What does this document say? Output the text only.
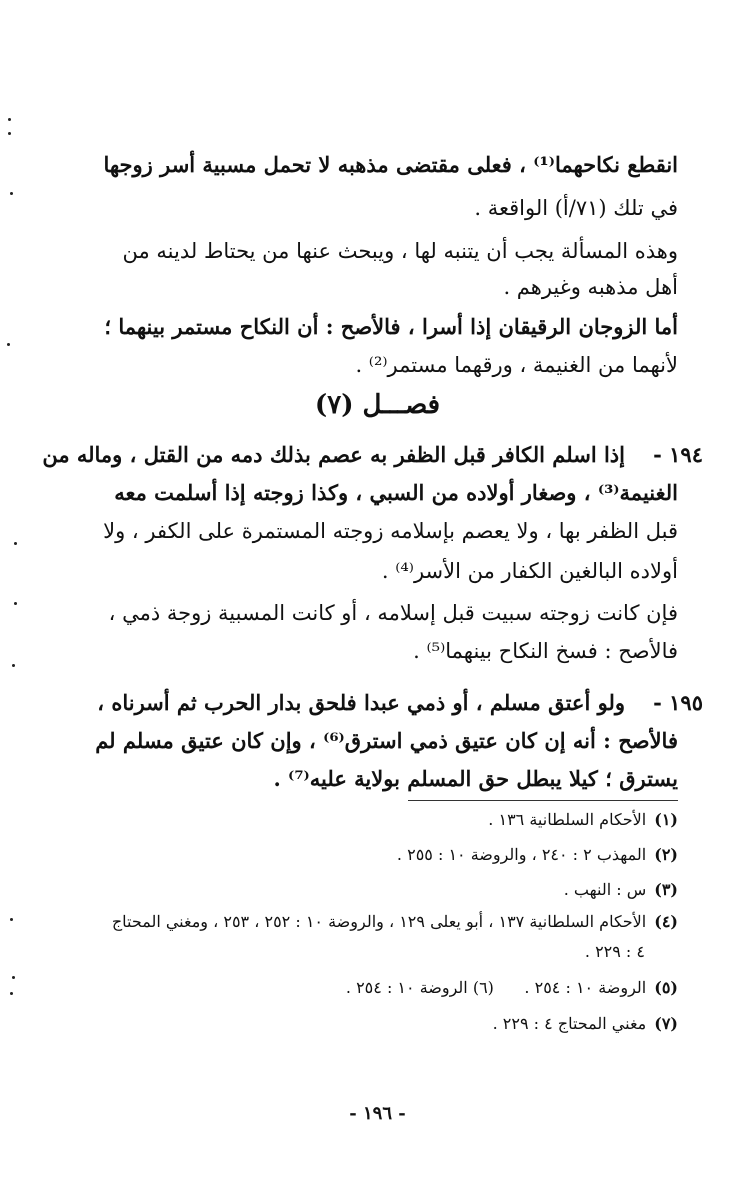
انقطع نكاحهما⁽¹⁾ ، فعلى مقتضى مذهبه لا تحمل مسبية أسر زوجها
في تلك (٧١/أ) الواقعة .
وهذه المسألة يجب أن يتنبه لها ، ويبحث عنها من يحتاط لدينه من
أهل مذهبه وغيرهم .
أما الزوجان الرقيقان إذا أسرا ، فالأصح : أن النكاح مستمر بينهما ؛
لأنهما من الغنيمة ، ورقهما مستمر⁽²⁾ .
فصـــل (٧)
١٩٤ -
إذا اسلم الكافر قبل الظفر به عصم بذلك دمه من القتل ، وماله من
الغنيمة⁽³⁾ ، وصغار أولاده من السبي ، وكذا زوجته إذا أسلمت معه
قبل الظفر بها ، ولا يعصم بإسلامه زوجته المستمرة على الكفر ، ولا
أولاده البالغين الكفار من الأسر⁽⁴⁾ .
فإن كانت زوجته سبيت قبل إسلامه ، أو كانت المسبية زوجة ذمي ،
فالأصح : فسخ النكاح بينهما⁽⁵⁾ .
١٩٥ -
ولو أعتق مسلم ، أو ذمي عبدا فلحق بدار الحرب ثم أسرناه ،
فالأصح : أنه إن كان عتيق ذمي استرق⁽⁶⁾ ، وإن كان عتيق مسلم لم
يسترق ؛ كيلا يبطل حق المسلم بولاية عليه⁽⁷⁾ .
(١)الأحكام السلطانية ١٣٦ .
(٢)المهذب ٢ : ٢٤٠ ، والروضة ١٠ : ٢٥٥ .
(٣)س : النهب .
(٤)الأحكام السلطانية ١٣٧ ، أبو يعلى ١٢٩ ، والروضة ١٠ : ٢٥٢ ، ٢٥٣ ، ومغني المحتاج
٤ : ٢٢٩ .
(٥)الروضة ١٠ : ٢٥٤ .      (٦) الروضة ١٠ : ٢٥٤ .
(٧)مغني المحتاج ٤ : ٢٢٩ .
- ١٩٦ -
